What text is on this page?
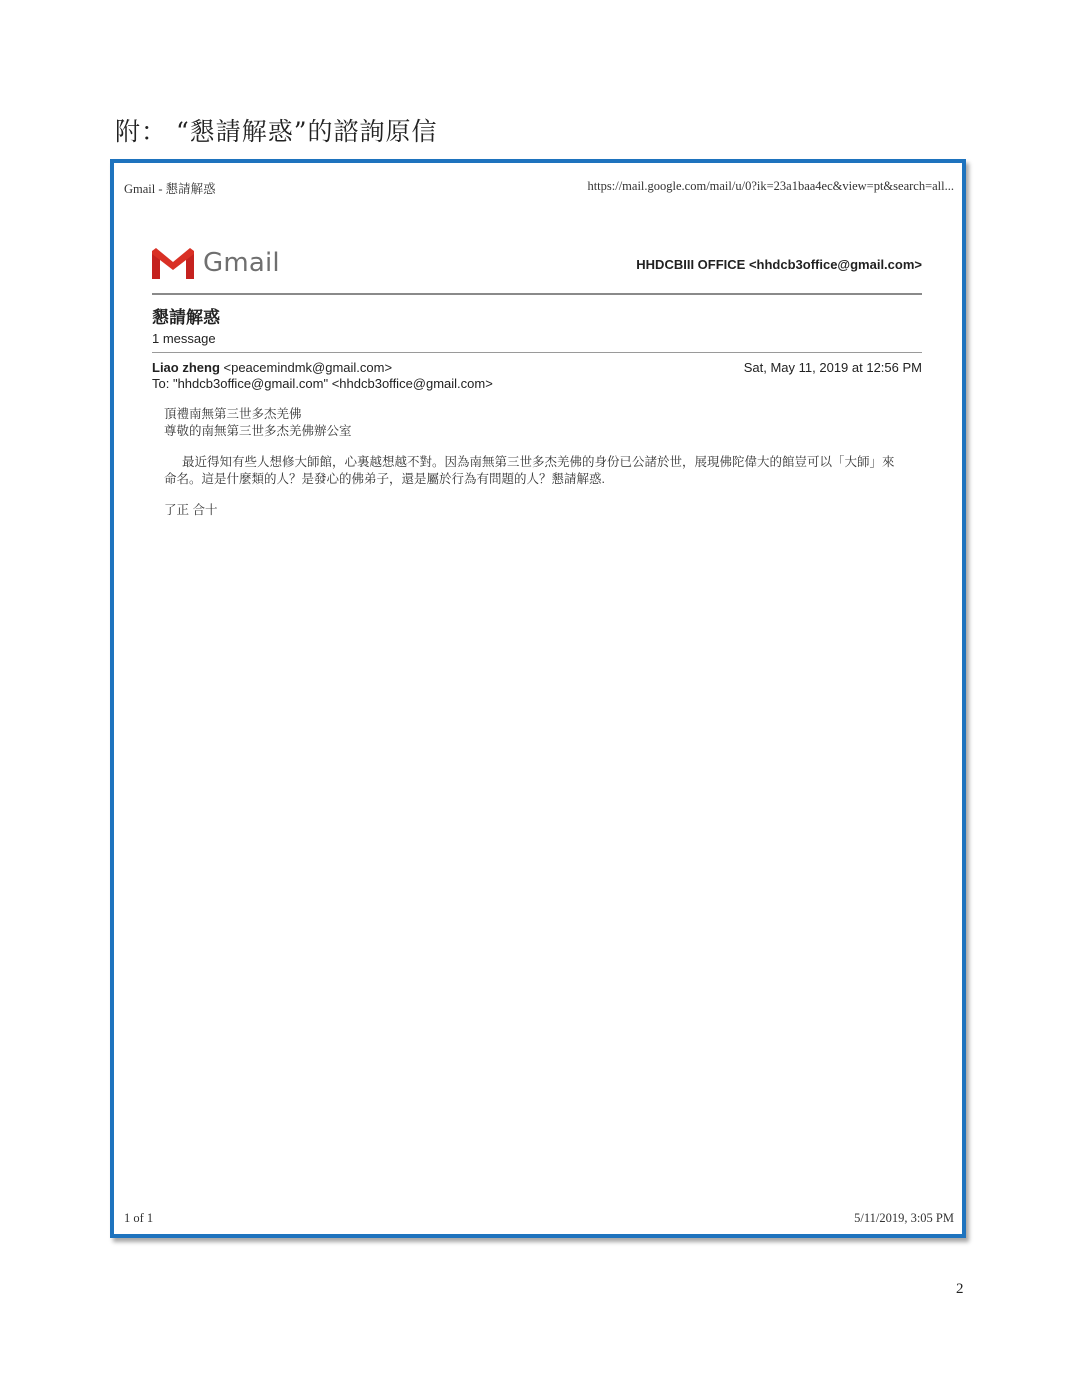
附： “懇請解惑”的諮詢原信
Gmail - 懇請解惑	https://mail.google.com/mail/u/0?ik=23a1baa4ec&view=pt&search=all...
Gmail	HHDCBIII OFFICE <hhdcb3office@gmail.com>
懇請解惑
1 message
Liao zheng <peacemindmk@gmail.com>
To: "hhdcb3office@gmail.com" <hhdcb3office@gmail.com>
Sat, May 11, 2019 at 12:56 PM

頂禮南無第三世多杰羌佛

尊敬的南無第三世多杰羌佛辦公室

最近得知有些人想修大師館，心裏越想越不對。因為南無第三世多杰羌佛的身份已公諸於世，展現佛陀偉大的館豈可以「大師」來命名。這是什麼類的人？是發心的佛弟子，還是屬於行為有問題的人？懇請解惑.

了正 合十

1 of 1	5/11/2019, 3:05 PM
2
